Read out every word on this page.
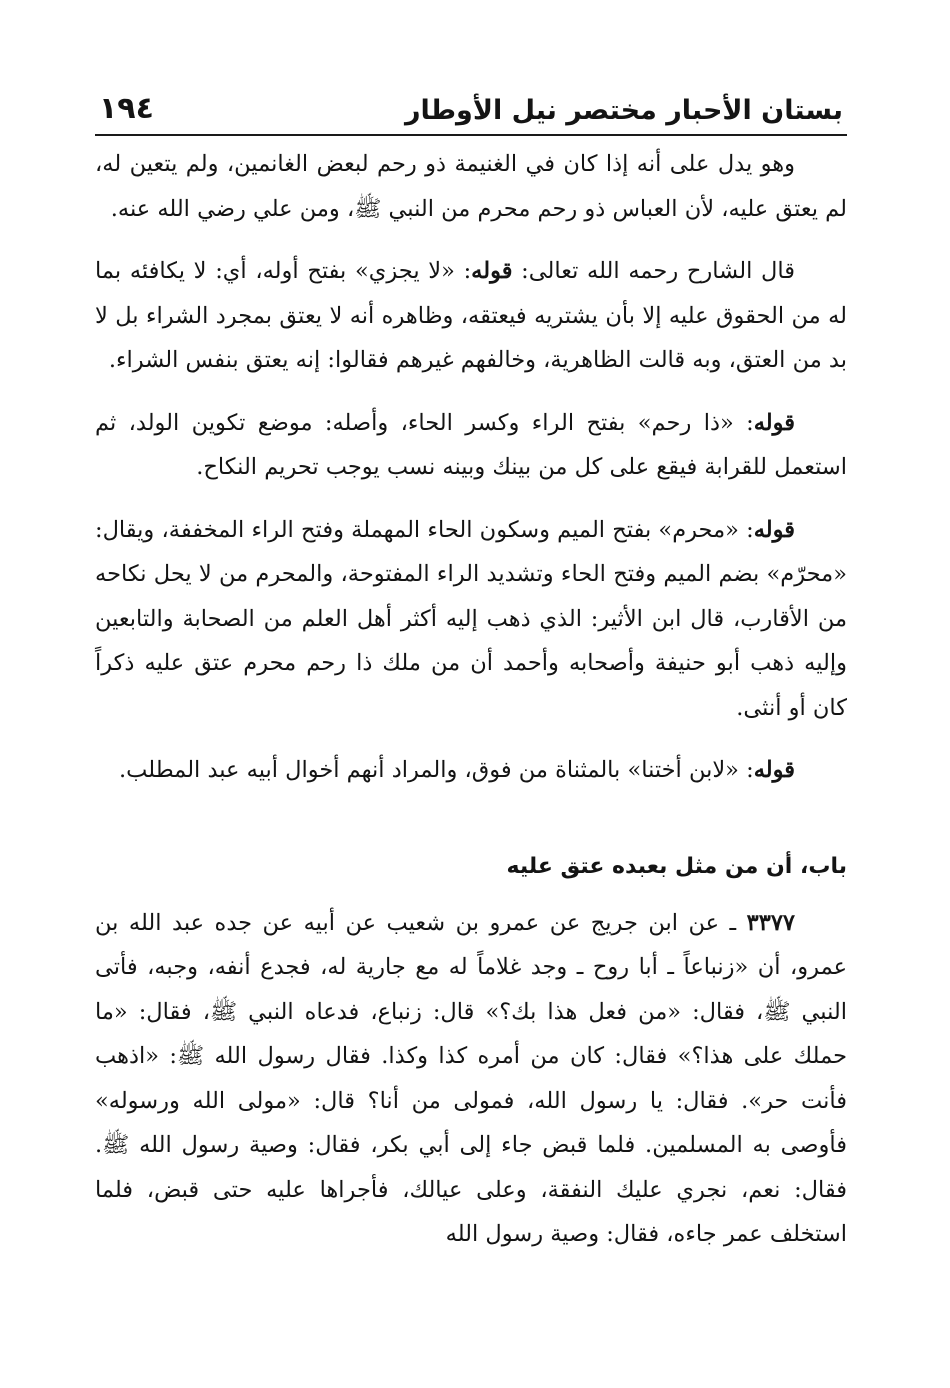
بستان الأحبار مختصر نيل الأوطار
١٩٤

وهو يدل على أنه إذا كان في الغنيمة ذو رحم لبعض الغانمين، ولم يتعين له، لم يعتق عليه، لأن العباس ذو رحم محرم من النبي ﷺ، ومن علي رضي الله عنه.

قال الشارح رحمه الله تعالى: قوله: «لا يجزي» بفتح أوله، أي: لا يكافئه بما له من الحقوق عليه إلا بأن يشتريه فيعتقه، وظاهره أنه لا يعتق بمجرد الشراء بل لا بد من العتق، وبه قالت الظاهرية، وخالفهم غيرهم فقالوا: إنه يعتق بنفس الشراء.

قوله: «ذا رحم» بفتح الراء وكسر الحاء، وأصله: موضع تكوين الولد، ثم استعمل للقرابة فيقع على كل من بينك وبينه نسب يوجب تحريم النكاح.

قوله: «محرم» بفتح الميم وسكون الحاء المهملة وفتح الراء المخففة، ويقال: «محرّم» بضم الميم وفتح الحاء وتشديد الراء المفتوحة، والمحرم من لا يحل نكاحه من الأقارب، قال ابن الأثير: الذي ذهب إليه أكثر أهل العلم من الصحابة والتابعين وإليه ذهب أبو حنيفة وأصحابه وأحمد أن من ملك ذا رحم محرم عتق عليه ذكراً كان أو أنثى.

قوله: «لابن أختنا» بالمثناة من فوق، والمراد أنهم أخوال أبيه عبد المطلب.

باب، أن من مثل بعبده عتق عليه

٣٣٧٧ ـ عن ابن جريج عن عمرو بن شعيب عن أبيه عن جده عبد الله بن عمرو، أن «زنباعاً ـ أبا روح ـ وجد غلاماً له مع جارية له، فجدع أنفه، وجبه، فأتى النبي ﷺ، فقال: «من فعل هذا بك؟» قال: زنباع، فدعاه النبي ﷺ، فقال: «ما حملك على هذا؟» فقال: كان من أمره كذا وكذا. فقال رسول الله ﷺ: «اذهب فأنت حر». فقال: يا رسول الله، فمولى من أنا؟ قال: «مولى الله ورسوله» فأوصى به المسلمين. فلما قبض جاء إلى أبي بكر، فقال: وصية رسول الله ﷺ. فقال: نعم، نجري عليك النفقة، وعلى عيالك، فأجراها عليه حتى قبض، فلما استخلف عمر جاءه، فقال: وصية رسول الله
